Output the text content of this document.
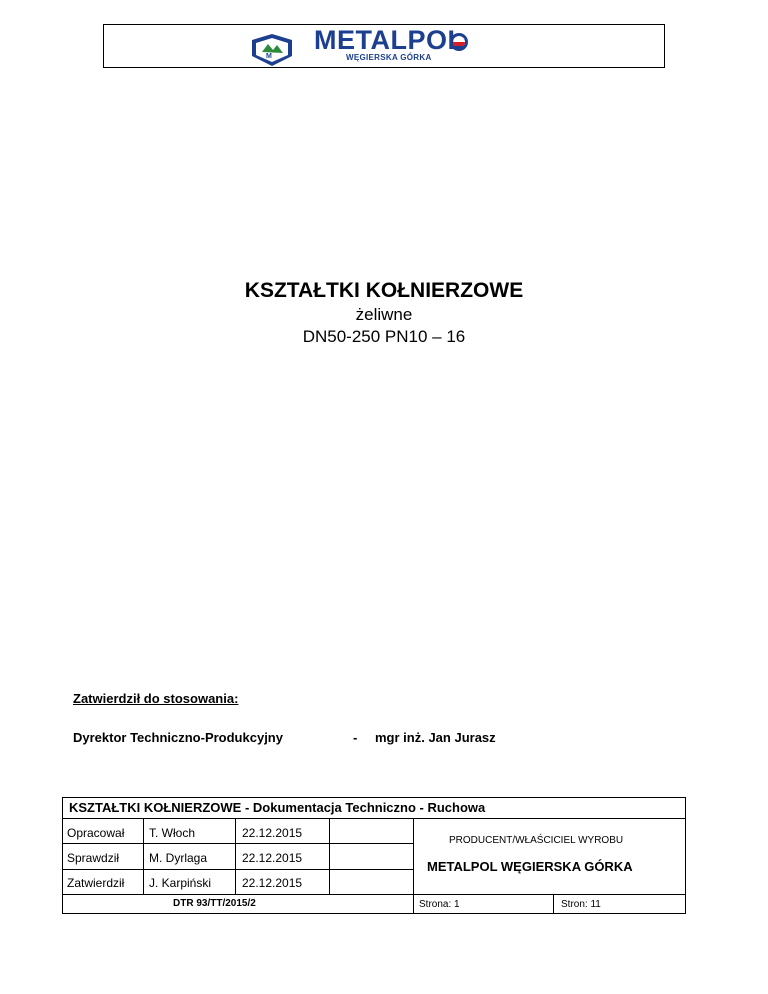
M
METALPOL
WĘGIERSKA GÓRKA
KSZTAŁTKI KOŁNIERZOWE
żeliwne
DN50-250 PN10 – 16
Zatwierdził do stosowania:
Dyrektor Techniczno-Produkcyjny	- mgr inż. Jan Jurasz
KSZTAŁTKI KOŁNIERZOWE - Dokumentacja Techniczno - Ruchowa
Opracował T. Włoch	22.12.2015
Sprawdził M. Dyrlaga	22.12.2015
Zatwierdził J. Karpiński	22.12.2015
PRODUCENT/WŁAŚCICIEL WYROBU
METALPOL WĘGIERSKA GÓRKA
DTR 93/TT/2015/2	Strona: 1	Stron: 11
